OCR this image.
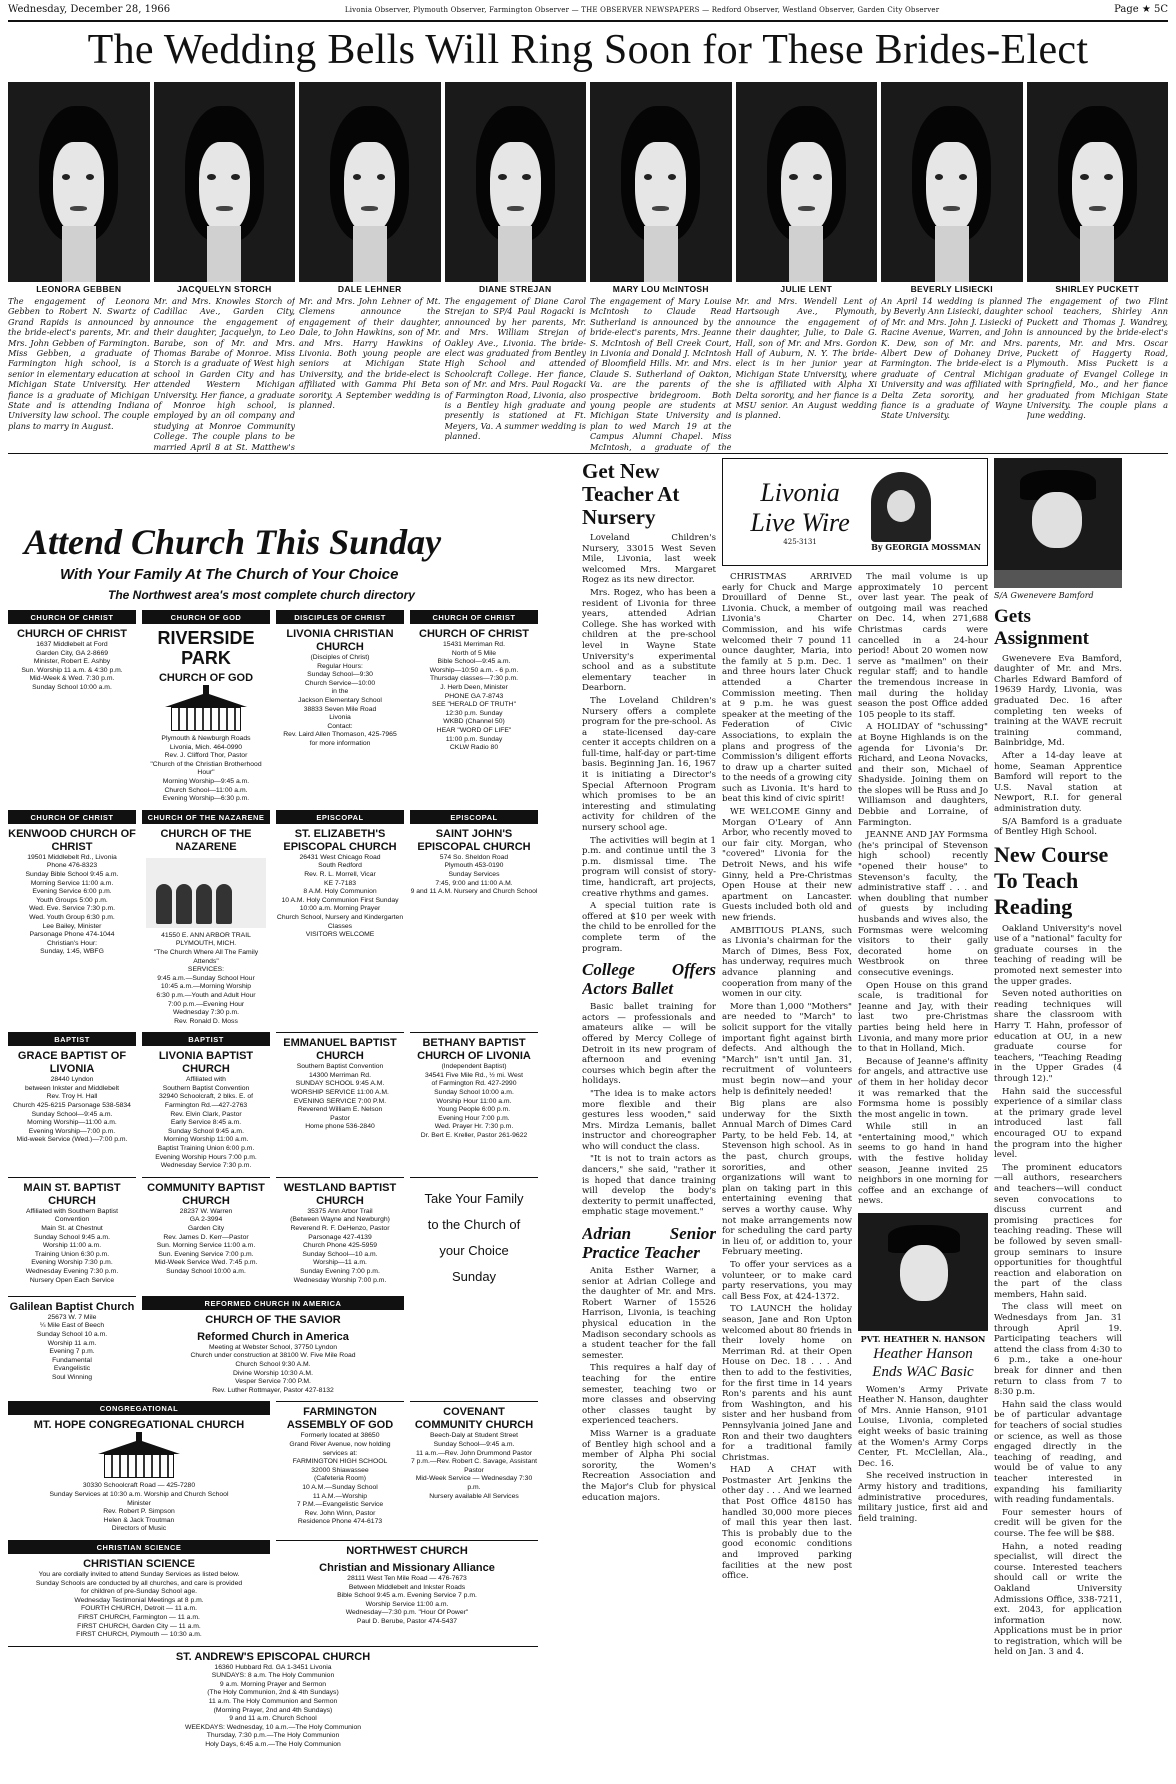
Wednesday, December 28, 1966	Livonia Observer, Plymouth Observer, Farmington Observer — THE OBSERVER NEWSPAPERS — Redford Observer, Westland Observer, Garden City Observer	Page ★ 5C
The Wedding Bells Will Ring Soon for These Brides-Elect
LEONORA GEBBEN	JACQUELYN STORCH	DALE LEHNER	DIANE STREJAN	MARY LOU McINTOSH	JULIE LENT	BEVERLY LISIECKI	SHIRLEY PUCKETT
The engagement of Leonora Gebben to Robert N. Swartz of Grand Rapids is announced by the bride-elect's parents, Mr. and Mrs. John Gebben of Farmington. Miss Gebben, a graduate of Farmington high school, is a senior in elementary education at Michigan State University. Her fiance is a graduate of Michigan State and is attending Indiana University law school. The couple plans to marry in August.
Mr. and Mrs. Knowles Storch of Cadillac Ave., Garden City, announce the engagement of their daughter, Jacquelyn, to Leo Barabe, son of Mr. and Mrs. Thomas Barabe of Monroe. Miss Storch is a graduate of West high school in Garden City and has attended Western Michigan University. Her fiance, a graduate of Monroe high school, is employed by an oil company and studying at Monroe Community College. The couple plans to be married April 8 at St. Matthew's
Mr. and Mrs. John Lehner of Mt. Clemens announce the engagement of their daughter, Dale, to John Hawkins, son of Mr. and Mrs. Harry Hawkins of Livonia. Both young people are seniors at Michigan State University, and the bride-elect is affiliated with Gamma Phi Beta sorority. A September wedding is planned.
The engagement of Diane Carol Strejan to SP/4 Paul Rogacki is announced by her parents, Mr. and Mrs. William Strejan of Oakley Ave., Livonia. The bride-elect was graduated from Bentley High School and attended Schoolcraft College. Her fiance, son of Mr. and Mrs. Paul Rogacki of Farmington Road, Livonia, also is a Bentley high graduate and presently is stationed at Ft. Meyers, Va. A summer wedding is planned.
The engagement of Mary Louise McIntosh to Claude Read Sutherland is announced by the bride-elect's parents, Mrs. Jeanne S. McIntosh of Bell Creek Court, in Livonia and Donald J. McIntosh of Bloomfield Hills. Mr. and Mrs. Claude S. Sutherland of Oakton, Va. are the parents of the prospective bridegroom. Both young people are students at Michigan State University and plan to wed March 19 at the Campus Alumni Chapel. Miss McIntosh, a graduate of the
Mr. and Mrs. Wendell Lent of Hartsough Ave., Plymouth, announce the engagement of their daughter, Julie, to Dale G. Hall, son of Mr. and Mrs. Gordon Hall of Auburn, N. Y. The bride-elect is in her junior year at Michigan State University, where she is affiliated with Alpha Xi Delta sorority, and her fiance is a MSU senior. An August wedding is planned.
An April 14 wedding is planned by Beverly Ann Lisiecki, daughter of Mr. and Mrs. John J. Lisiecki of Racine Avenue, Warren, and John K. Dew, son of Mr. and Mrs. Albert Dew of Dohaney Drive, Farmington. The bride-elect is a graduate of Central Michigan University and was affiliated with Delta Zeta sorority, and her fiance is a graduate of Wayne State University.
The engagement of two Flint school teachers, Shirley Ann Puckett and Thomas J. Wandrey, is announced by the bride-elect's parents, Mr. and Mrs. Oscar Puckett of Haggerty Road, Plymouth. Miss Puckett is a graduate of Evangel College in Springfield, Mo., and her fiance graduated from Michigan State University. The couple plans a June wedding.
Attend Church This Sunday
With Your Family At The Church of Your Choice
The Northwest area's most complete church directory
CHURCH OF CHRIST
CHURCH OF CHRIST
1637 Middlebelt at Ford
Garden City, GA 2-8669
Minister, Robert E. Ashby
Sun. Worship 11 a.m. & 4:30 p.m.
Mid-Week & Wed. 7:30 p.m.
Sunday School 10:00 a.m.
CHURCH OF GOD
RIVERSIDE PARK
CHURCH OF GOD
Plymouth & Newburgh Roads
Livonia, Mich. 464-0990
Rev. J. Clifford Thor, Pastor
"Church of the Christian Brotherhood Hour"
Morning Worship—9:45 a.m.
Church School—11:00 a.m.
Evening Worship—6:30 p.m.
DISCIPLES OF CHRIST
LIVONIA CHRISTIAN CHURCH
(Disciples of Christ)
Regular Hours:
Sunday School—9:30
Church Service—10:00
in the
Jackson Elementary School
38833 Seven Mile Road
Livonia
Contact:
Rev. Laird Allen Thomason, 425-7965
for more information
CHURCH OF CHRIST
CHURCH OF CHRIST
15431 Merriman Rd.
North of 5 Mile
Bible School—9:45 a.m.
Worship—10:50 a.m. - 6 p.m.
Thursday classes—7:30 p.m.
J. Herb Deen, Minister
PHONE GA 7-8743
SEE "HERALD OF TRUTH"
12:30 p.m. Sunday
WKBD (Channel 50)
HEAR "WORD OF LIFE"
11:00 p.m. Sunday
CKLW Radio 80
CHURCH OF CHRIST
KENWOOD CHURCH OF CHRIST
19501 Middlebelt Rd., Livonia
Phone 476-8323
Sunday Bible School 9:45 a.m.
Morning Service 11:00 a.m.
Evening Service 6:00 p.m.
Youth Groups 5:00 p.m.
Wed. Eve. Service 7:30 p.m.
Wed. Youth Group 6:30 p.m.
Lee Bailey, Minister
Parsonage Phone 474-1044
Christian's Hour:
Sunday, 1:45, WBFG
CHURCH OF THE NAZARENE
CHURCH OF THE NAZARENE
41550 E. ANN ARBOR TRAIL
PLYMOUTH, MICH.
"The Church Where All The Family Attends"
SERVICES:
9:45 a.m.—Sunday School Hour
10:45 a.m.—Morning Worship
6:30 p.m.—Youth and Adult Hour
7:00 p.m.—Evening Hour
Wednesday 7:30 p.m.
Rev. Ronald D. Moss
EPISCOPAL
ST. ELIZABETH'S EPISCOPAL CHURCH
26431 West Chicago Road
South Redford
Rev. R. L. Morrell, Vicar
KE 7-7183
8 A.M. Holy Communion
10 A.M. Holy Communion First Sunday
10:00 a.m. Morning Prayer
Church School, Nursery and Kindergarten Classes
VISITORS WELCOME
EPISCOPAL
SAINT JOHN'S EPISCOPAL CHURCH
574 So. Sheldon Road
Plymouth 453-0190
Sunday Services
7:45, 9:00 and 11:00 A.M.
9 and 11 A.M. Nursery and Church School
BAPTIST
GRACE BAPTIST OF LIVONIA
28440 Lyndon
between Inkster and Middlebelt
Rev. Troy H. Hall
Church 425-6215 Parsonage 538-5834
Sunday School—9:45 a.m.
Morning Worship—11:00 a.m.
Evening Worship—7:00 p.m.
Mid-week Service (Wed.)—7:00 p.m.
BAPTIST
LIVONIA BAPTIST CHURCH
Affiliated with
Southern Baptist Convention
32940 Schoolcraft, 2 blks. E. of
Farmington Rd.—427-2763
Rev. Elvin Clark, Pastor
Early Service 8:45 a.m.
Sunday School 9:45 a.m.
Morning Worship 11:00 a.m.
Baptist Training Union 6:00 p.m.
Evening Worship Hours 7:00 p.m.
Wednesday Service 7:30 p.m.
EMMANUEL BAPTIST CHURCH
Southern Baptist Convention
14300 Merriman Rd.
SUNDAY SCHOOL 9:45 A.M.
WORSHIP SERVICE 11:00 A.M.
EVENING SERVICE 7:00 P.M.
Reverend William E. Nelson
Pastor
Home phone 536-2840
BETHANY BAPTIST CHURCH OF LIVONIA
(Independent Baptist)
34541 Five Mile Rd., ½ mi. West
of Farmington Rd. 427-2990
Sunday School 10:00 a.m.
Worship Hour 11:00 a.m.
Young People 6:00 p.m.
Evening Hour 7:00 p.m.
Wed. Prayer Hr. 7:30 p.m.
Dr. Bert E. Kreller, Pastor 261-9622
MAIN ST. BAPTIST CHURCH
Affiliated with Southern Baptist Convention
Main St. at Chestnut
Sunday School 9:45 a.m.
Worship 11:00 a.m.
Training Union 6:30 p.m.
Evening Worship 7:30 p.m.
Wednesday Evening 7:30 p.m.
Nursery Open Each Service
COMMUNITY BAPTIST CHURCH
28237 W. Warren
GA 2-3994
Garden City
Rev. James D. Kerr—Pastor
Sun. Morning Service 11:00 a.m.
Sun. Evening Service 7:00 p.m.
Mid-Week Service Wed. 7:45 p.m.
Sunday School 10:00 a.m.
WESTLAND BAPTIST CHURCH
35375 Ann Arbor Trail
(Between Wayne and Newburgh)
Reverend R. F. DeHenzo, Pastor
Parsonage 427-4139
Church Phone 425-5959
Sunday School—10 a.m.
Worship—11 a.m.
Sunday Evening 7:00 p.m.
Wednesday Worship 7:00 p.m.
Take Your Family
to the Church of
your Choice
Sunday
Galilean Baptist Church
25673 W. 7 Mile
¼ Mile East of Beech
Sunday School 10 a.m.
Worship 11 a.m.
Evening 7 p.m.
Fundamental
Evangelistic
Soul Winning
REFORMED CHURCH IN AMERICA
CHURCH OF THE SAVIOR
Reformed Church in America
Meeting at Webster School, 37750 Lyndon
Church under construction at 38100 W. Five Mile Road
Church School 9:30 A.M.
Divine Worship 10:30 A.M.
Vesper Service 7:00 P.M.
Rev. Luther Rottmayer, Pastor 427-8132
CONGREGATIONAL
MT. HOPE CONGREGATIONAL CHURCH
30330 Schoolcraft Road — 425-7280
Sunday Services at 10:30 a.m. Worship and Church School
Minister
Rev. Robert P. Simpson
Helen & Jack Troutman
Directors of Music
FARMINGTON ASSEMBLY OF GOD
Formerly located at 38650
Grand River Avenue, now holding
services at:
FARMINGTON HIGH SCHOOL
32000 Shiawassee
(Cafeteria Room)
10 A.M.—Sunday School
11 A.M.—Worship
7 P.M.—Evangelistic Service
Rev. John Winn, Pastor
Residence Phone 474-6173
COVENANT COMMUNITY CHURCH
Beech-Daly at Student Street
Sunday School—9:45 a.m.
11 a.m.—Rev. John Drummond Pastor
7 p.m.—Rev. Robert C. Savage, Assistant Pastor
Mid-Week Service — Wednesday 7:30 p.m.
Nursery available All Services
CHRISTIAN SCIENCE
CHRISTIAN SCIENCE
You are cordially invited to attend Sunday Services as listed below.
Sunday Schools are conducted by all churches, and care is provided
for children of pre-Sunday School age.
Wednesday Testimonial Meetings at 8 p.m.
FOURTH CHURCH, Detroit — 11 a.m.
FIRST CHURCH, Farmington — 11 a.m.
FIRST CHURCH, Garden City — 11 a.m.
FIRST CHURCH, Plymouth — 10:30 a.m.
NORTHWEST CHURCH
Christian and Missionary Alliance
28111 West Ten Mile Road — 476-7673
Between Middlebelt and Inkster Roads
Bible School 9:45 a.m. Evening Service 7 p.m.
Worship Service 11:00 a.m.
Wednesday—7:30 p.m. "Hour Of Power"
Paul D. Berube, Pastor 474-5437
ST. ANDREW'S EPISCOPAL CHURCH
16360 Hubbard Rd. GA 1-3451 Livonia
SUNDAYS: 8 a.m. The Holy Communion
9 a.m. Morning Prayer and Sermon
(The Holy Communion, 2nd & 4th Sundays)
11 a.m. The Holy Communion and Sermon
(Morning Prayer, 2nd and 4th Sundays)
9 and 11 a.m. Church School
WEEKDAYS: Wednesday, 10 a.m.—The Holy Communion
Thursday, 7:30 p.m.—The Holy Communion
Holy Days, 6:45 a.m.—The Holy Communion
Get New Teacher At Nursery

Loveland Children's Nursery, 33015 West Seven Mile, Livonia, last week welcomed Mrs. Margaret Rogez as its new director.

Mrs. Rogez, who has been a resident of Livonia for three years, attended Adrian College. She has worked with children at the pre-school level in Wayne State University's experimental school and as a substitute elementary teacher in Dearborn.

The Loveland Children's Nursery offers a complete program for the pre-school. As a state-licensed day-care center it accepts children on a full-time, half-day or part-time basis. Beginning Jan. 16, 1967 it is initiating a Director's Special Afternoon Program which promises to be an interesting and stimulating activity for children of the nursery school age.

The activities will begin at 1 p.m. and continue until the 3 p.m. dismissal time. The program will consist of story-time, handicraft, art projects, creative rhythms and games.

A special tuition rate is offered at $10 per week with the child to be enrolled for the complete term of the program.

College Offers Actors Ballet

Basic ballet training for actors — professionals and amateurs alike — will be offered by Mercy College of Detroit in its new program of afternoon and evening courses which begin after the holidays.

"The idea is to make actors more flexible and their gestures less wooden," said Mrs. Mirdza Lemanis, ballet instructor and choreographer who will conduct the class.

"It is not to train actors as dancers," she said, "rather it is hoped that dance training will develop the body's dexterity to permit unaffected, emphatic stage movement."

Adrian Senior Practice Teacher

Anita Esther Warner, a senior at Adrian College and the daughter of Mr. and Mrs. Robert Warner of 15526 Harrison, Livonia, is teaching physical education in the Madison secondary schools as a student teacher for the fall semester.

This requires a half day of teaching for the entire semester, teaching two or more classes and observing other classes taught by experienced teachers.

Miss Warner is a graduate of Bentley high school and a member of Alpha Phi social sorority, the Women's Recreation Association and the Major's Club for physical education majors.

Livonia
Live Wire
425-3131	By GEORGIA MOSSMAN

CHRISTMAS ARRIVED early for Chuck and Marge Drouillard of Denne St., Livonia. Chuck, a member of Livonia's Charter Commission, and his wife welcomed their 7 pound 11 ounce daughter, Maria, into the family at 5 p.m. Dec. 1 and three hours later Chuck attended a Charter Commission meeting. Then at 9 p.m. he was guest speaker at the meeting of the Federation of Civic Associations, to explain the plans and progress of the Commission's diligent efforts to draw up a charter suited to the needs of a growing city such as Livonia. It's hard to beat this kind of civic spirit!

WE WELCOME Ginny and Morgan O'Leary of Ann Arbor, who recently moved to our fair city. Morgan, who "covered" Livonia for the Detroit News, and his wife Ginny, held a Pre-Christmas Open House at their new apartment on Lancaster. Guests included both old and new friends.

AMBITIOUS PLANS, such as Livonia's chairman for the March of Dimes, Bess Fox, has underway, requires much advance planning and cooperation from many of the women in our city.

More than 1,000 "Mothers" are needed to "March" to solicit support for the vitally important fight against birth defects. And although the "March" isn't until Jan. 31, recruitment of volunteers must begin now—and your help is definitely needed!

Big plans are also underway for the Sixth Annual March of Dimes Card Party, to be held Feb. 14, at Stevenson high school. As in the past, church groups, sororities, and other organizations will want to plan on taking part in this entertaining evening that serves a worthy cause. Why not make arrangements now for scheduling the card party in lieu of, or addition to, your February meeting.

To offer your services as a volunteer, or to make card party reservations, you may call Bess Fox, at 424-1372.

TO LAUNCH the holiday season, Jane and Ron Upton welcomed about 80 friends in their lovely home on Merriman Rd. at their Open House on Dec. 18 . . . And then to add to the festivities, for the first time in 14 years Ron's parents and his aunt from Washington, and his sister and her husband from Pennsylvania joined Jane and Ron and their two daughters for a traditional family Christmas.

HAD A CHAT with Postmaster Art Jenkins the other day . . . And we learned that Post Office 48150 has handled 30,000 more pieces of mail this year then last. This is probably due to the good economic conditions and improved parking facilities at the new post office.

The mail volume is up approximately 10 percent over last year. The peak of outgoing mail was reached on Dec. 14, when 271,688 Christmas cards were cancelled in a 24-hour period! About 20 women now serve as "mailmen" on their regular staff; and to handle the tremendous increase in mail during the holiday season the post Office added 105 people to its staff.

A HOLIDAY of "schussing" at Boyne Highlands is on the agenda for Livonia's Dr. Richard, and Leona Novacks, and their son, Michael of Shadyside. Joining them on the slopes will be Russ and Jo Williamson and daughters, Debbie and Lorraine, of Farmington.

JEANNE AND JAY Formsma (he's principal of Stevenson high school) recently "opened their house" to Stevenson's faculty, the administrative staff . . . and when doubling that number of guests by including husbands and wives also, the Formsmas were welcoming visitors to their gaily decorated home on Westbrook on three consecutive evenings.

Open House on this grand scale, is traditional for Jeanne and Jay, with their last two pre-Christmas parties being held here in Livonia, and many more prior to that in Holland, Mich.

Because of Jeanne's affinity for angels, and attractive use of them in her holiday decor it was remarked that the Formsma home is possibly the most angelic in town.

While still in an "entertaining mood," which seems to go hand in hand with the festive holiday season, Jeanne invited 25 neighbors in one morning for coffee and an exchange of news.

PVT. HEATHER N. HANSON
Heather Hanson Ends WAC Basic

Women's Army Private Heather N. Hanson, daughter of Mrs. Annie Hanson, 9101 Louise, Livonia, completed eight weeks of basic training at the Women's Army Corps Center, Ft. McClellan, Ala., Dec. 16.

She received instruction in Army history and traditions, administrative procedures, military justice, first aid and field training.

S/A Gwenevere Bamford
Gets Assignment

Gwenevere Eva Bamford, daughter of Mr. and Mrs. Charles Edward Bamford of 19639 Hardy, Livonia, was graduated Dec. 16 after completing ten weeks of training at the WAVE recruit training command, Bainbridge, Md.

After a 14-day leave at home, Seaman Apprentice Bamford will report to the U.S. Naval station at Newport, R.I. for general administration duty.

S/A Bamford is a graduate of Bentley High School.

New Course To Teach Reading

Oakland University's novel use of a "national" faculty for graduate courses in the teaching of reading will be promoted next semester into the upper grades.

Seven noted authorities on reading techniques will share the classroom with Harry T. Hahn, professor of education at OU, in a new graduate course for teachers, "Teaching Reading in the Upper Grades (4 through 12)."

Hahn said the successful experience of a similar class at the primary grade level introduced last fall encouraged OU to expand the program into the higher level.

The prominent educators —all authors, researchers and teachers—will conduct seven convocations to discuss current and promising practices for teaching reading. These will be followed by seven small-group seminars to insure opportunities for thoughtful reaction and elaboration on the part of the class members, Hahn said.

The class will meet on Wednesdays from Jan. 31 through April 19. Participating teachers will attend the class from 4:30 to 6 p.m., take a one-hour break for dinner and then return to class from 7 to 8:30 p.m.

Hahn said the class would be of particular advantage for teachers of social studies or science, as well as those engaged directly in the teaching of reading, and would be of value to any teacher interested in expanding his familiarity with reading fundamentals.

Four semester hours of credit will be given for the course. The fee will be $88.

Hahn, a noted reading specialist, will direct the course. Interested teachers should call or write the Oakland University Admissions Office, 338-7211, ext. 2043, for application information now. Applications must be in prior to registration, which will be held on Jan. 3 and 4.
